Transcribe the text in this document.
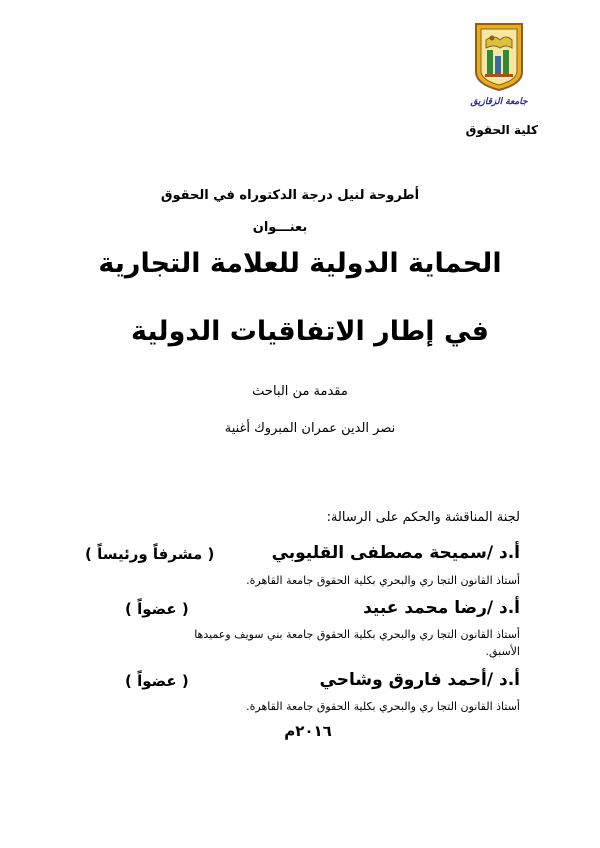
جامعة الزقازيق
كلية الحقوق
أطروحة لنيل درجة الدكتوراه في الحقوق
بعنـــوان
الحماية الدولية للعلامة التجارية
في إطار الاتفاقيات الدولية
مقدمة من الباحث
نصر الدين عمران المبروك أغنية
لجنة المناقشة والحكم على الرسالة:
أ.د /سميحة مصطفى القليوبي
( مشرفاً ورئيساً )
أستاذ القانون التجا ري والبحري بكلية الحقوق جامعة القاهرة.
أ.د /رضا محمد عبيد
( عضواً )
أستاذ القانون التجا ري والبحري بكلية الحقوق جامعة بني سويف وعميدها الأسبق.
أ.د /أحمد فاروق وشاحي
( عضواً )
أستاذ القانون التجا ري والبحري بكلية الحقوق جامعة القاهرة.
٢٠١٦م
